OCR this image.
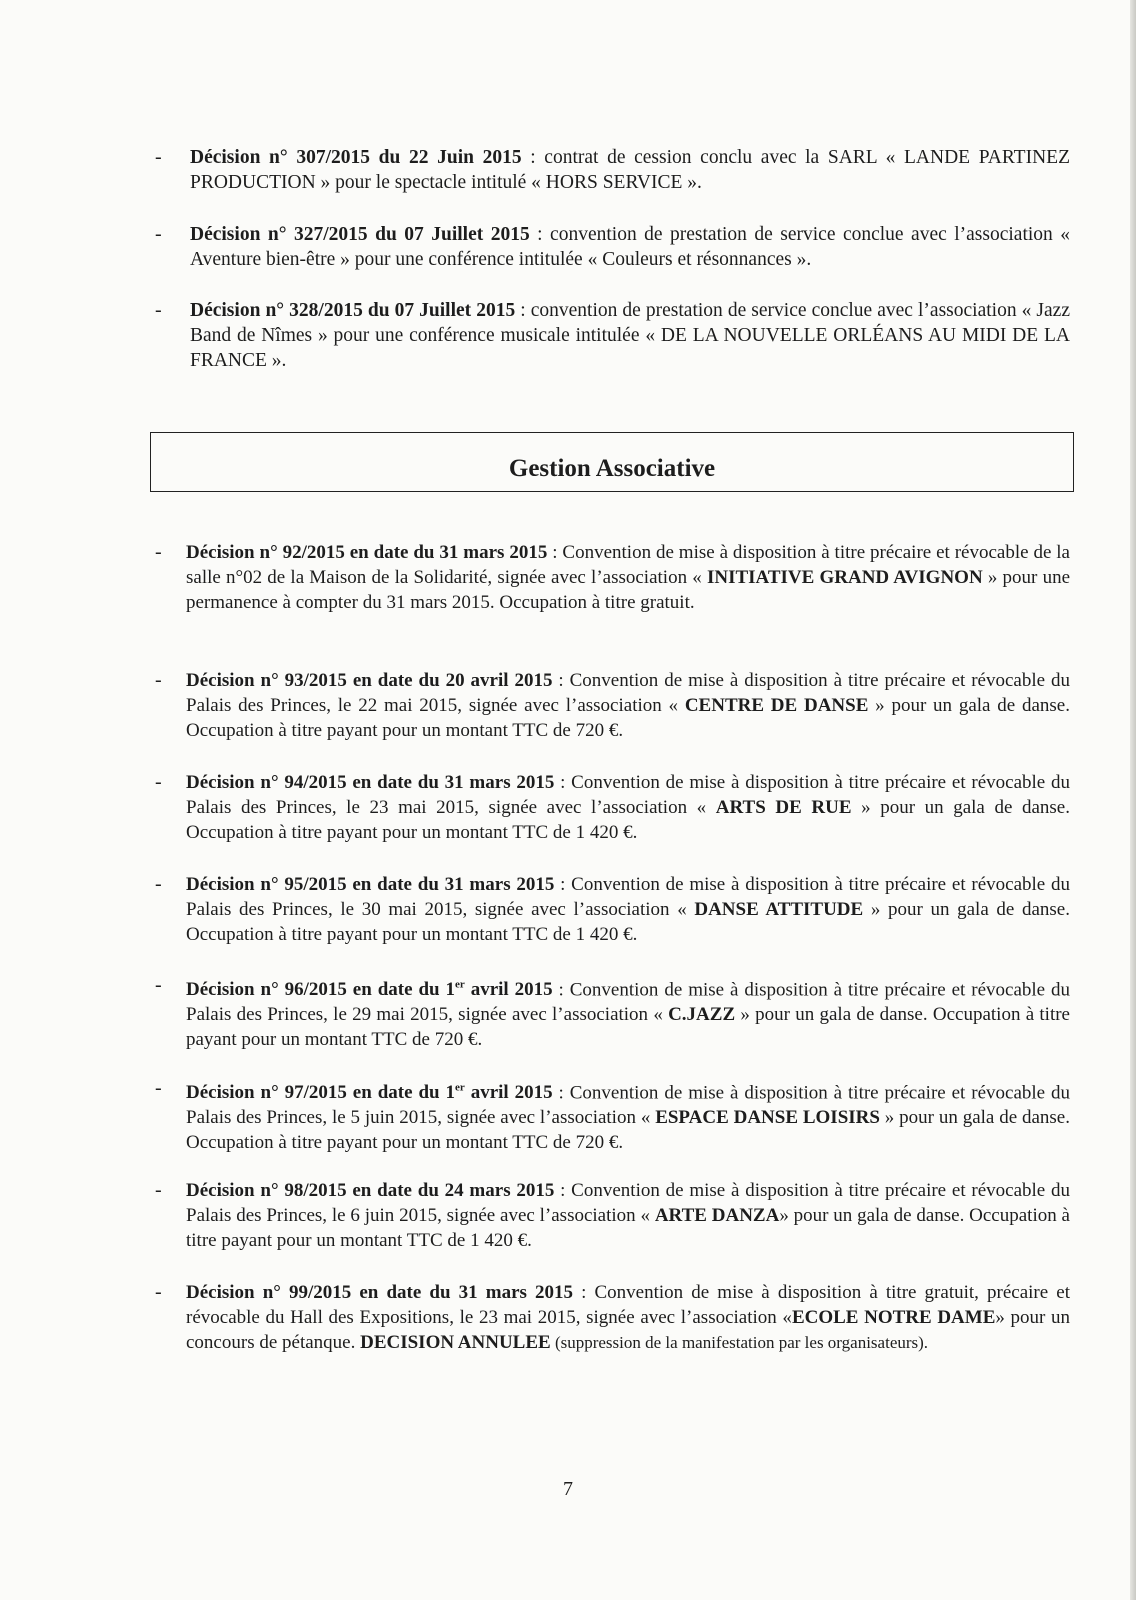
- Décision n° 307/2015 du 22 Juin 2015 : contrat de cession conclu avec la SARL « LANDE PARTINEZ PRODUCTION » pour le spectacle intitulé « HORS SERVICE ».
- Décision n° 327/2015 du 07 Juillet 2015 : convention de prestation de service conclue avec l’association « Aventure bien-être » pour une conférence intitulée « Couleurs et résonnances ».
- Décision n° 328/2015 du 07 Juillet 2015 : convention de prestation de service conclue avec l’association « Jazz Band de Nîmes » pour une conférence musicale intitulée « DE LA NOUVELLE ORLÉANS AU MIDI DE LA FRANCE ».
Gestion Associative
- Décision n° 92/2015 en date du 31 mars 2015 : Convention de mise à disposition à titre précaire et révocable de la salle n°02 de la Maison de la Solidarité, signée avec l’association « INITIATIVE GRAND AVIGNON » pour une permanence à compter du 31 mars 2015. Occupation à titre gratuit.
- Décision n° 93/2015 en date du 20 avril 2015 : Convention de mise à disposition à titre précaire et révocable du Palais des Princes, le 22 mai 2015, signée avec l’association « CENTRE DE DANSE » pour un gala de danse. Occupation à titre payant pour un montant TTC de 720 €.
- Décision n° 94/2015 en date du 31 mars 2015 : Convention de mise à disposition à titre précaire et révocable du Palais des Princes, le 23 mai 2015, signée avec l’association « ARTS DE RUE » pour un gala de danse. Occupation à titre payant pour un montant TTC de 1 420 €.
- Décision n° 95/2015 en date du 31 mars 2015 : Convention de mise à disposition à titre précaire et révocable du Palais des Princes, le 30 mai 2015, signée avec l’association « DANSE ATTITUDE » pour un gala de danse. Occupation à titre payant pour un montant TTC de 1 420 €.
- Décision n° 96/2015 en date du 1er avril 2015 : Convention de mise à disposition à titre précaire et révocable du Palais des Princes, le 29 mai 2015, signée avec l’association « C.JAZZ » pour un gala de danse. Occupation à titre payant pour un montant TTC de 720 €.
- Décision n° 97/2015 en date du 1er avril 2015 : Convention de mise à disposition à titre précaire et révocable du Palais des Princes, le 5 juin 2015, signée avec l’association « ESPACE DANSE LOISIRS » pour un gala de danse. Occupation à titre payant pour un montant TTC de 720 €.
- Décision n° 98/2015 en date du 24 mars 2015 : Convention de mise à disposition à titre précaire et révocable du Palais des Princes, le 6 juin 2015, signée avec l’association « ARTE DANZA» pour un gala de danse. Occupation à titre payant pour un montant TTC de 1 420 €.
- Décision n° 99/2015 en date du 31 mars 2015 : Convention de mise à disposition à titre gratuit, précaire et révocable du Hall des Expositions, le 23 mai 2015, signée avec l’association «ECOLE NOTRE DAME» pour un concours de pétanque. DECISION ANNULEE (suppression de la manifestation par les organisateurs).
7
